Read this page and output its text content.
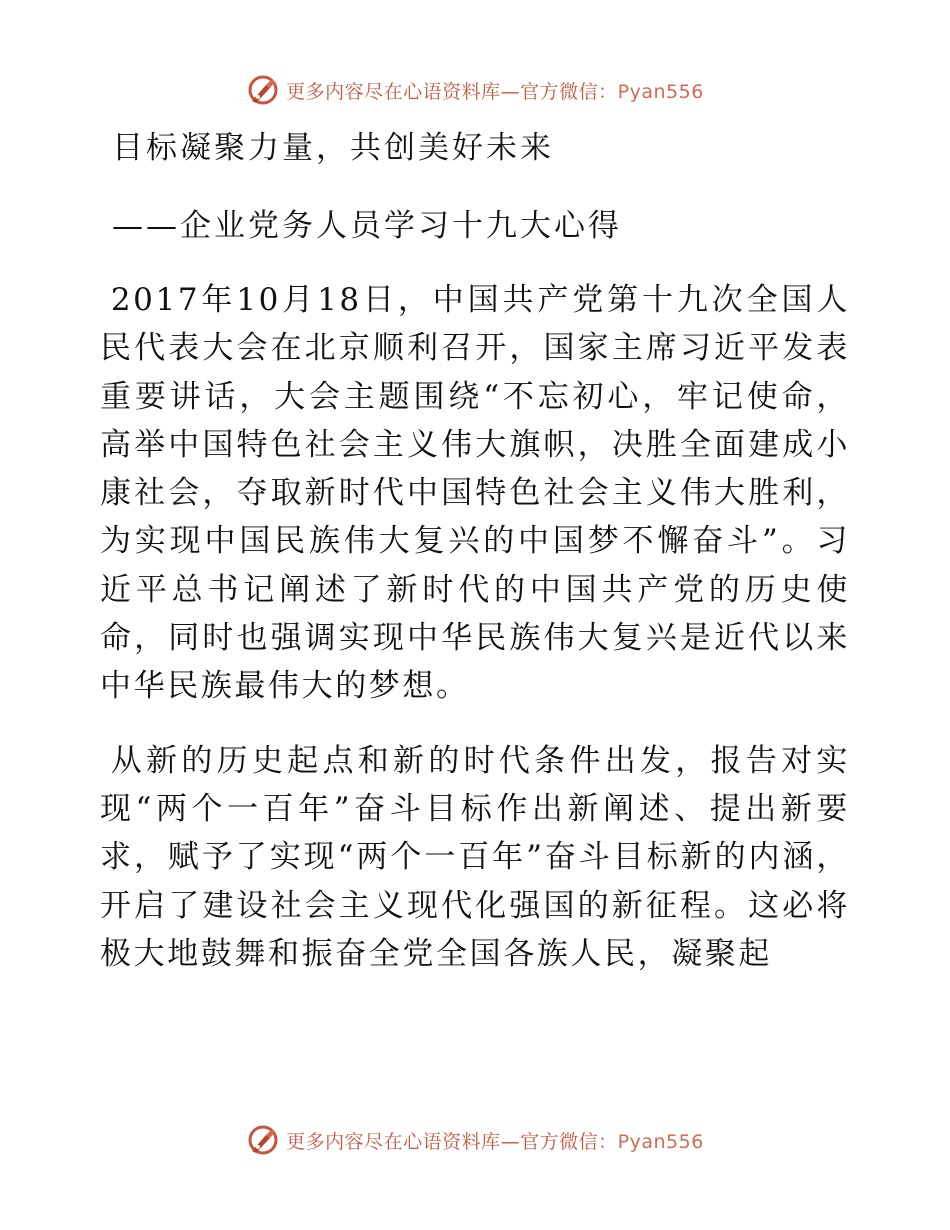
更多内容尽在心语资料库—官方微信：Pyan556

目标凝聚力量，共创美好未来

——企业党务人员学习十九大心得

2017年10月18日，中国共产党第十九次全国人民代表大会在北京顺利召开，国家主席习近平发表重要讲话，大会主题围绕“不忘初心，牢记使命，高举中国特色社会主义伟大旗帜，决胜全面建成小康社会，夺取新时代中国特色社会主义伟大胜利，为实现中国民族伟大复兴的中国梦不懈奋斗”。习近平总书记阐述了新时代的中国共产党的历史使命，同时也强调实现中华民族伟大复兴是近代以来中华民族最伟大的梦想。

从新的历史起点和新的时代条件出发，报告对实现“两个一百年”奋斗目标作出新阐述、提出新要求，赋予了实现“两个一百年”奋斗目标新的内涵，开启了建设社会主义现代化强国的新征程。这必将极大地鼓舞和振奋全党全国各族人民，凝聚起

更多内容尽在心语资料库—官方微信：Pyan556
